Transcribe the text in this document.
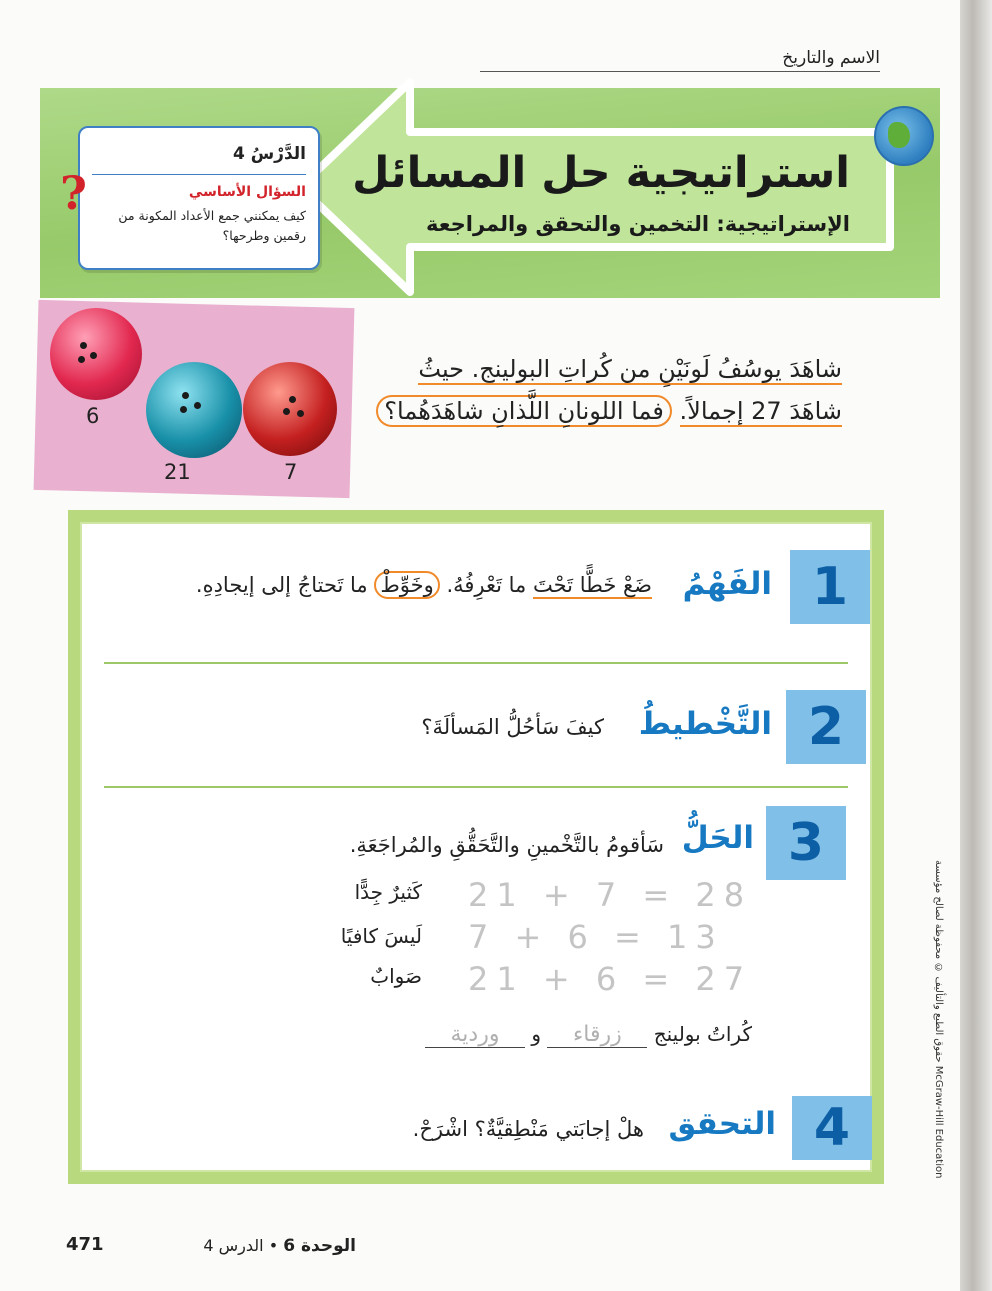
الاسم والتاريخ
استراتيجية حل المسائل
الإستراتيجية: التخمين والتحقق والمراجعة
الدَّرْسُ 4
السؤال الأساسي
كيف يمكنني جمع الأعداد المكونة من رقمين وطرحها؟
?
6
21	7
شاهَدَ يوسُفُ لَونَيْنِ من كُراتِ البولينج. حيثُ
شاهَدَ 27 إجمالاً. فما اللونانِ اللَّذانِ شاهَدَهُما؟
1
الفَهْمُ
ضَعْ خَطًّا تَحْتَ ما تَعْرِفُهُ. وخَوِّطْ ما تَحتاجُ إلى إيجادِهِ.
2
التَّخْطيطُ
كيفَ سَأحُلُّ المَسألَةَ؟
3
الحَلُّ
سَأقومُ بالتَّخْمينِ والتَّحَقُّقِ والمُراجَعَةِ.
21 + 7 = 28
كَثيرٌ جِدًّا
7 + 6 = 13
لَيسَ كافيًا
21 + 6 = 27
صَوابٌ
كُراتُ بولينج زرقاء و وردية
4
التحقق
هلْ إجابَتي مَنْطِقيَّةٌ؟ اشْرَحْ.
حقوق الطبع والتأليف © محفوظة لصالح مؤسسة McGraw-Hill Education
471	الوحدة 6 • الدرس 4
